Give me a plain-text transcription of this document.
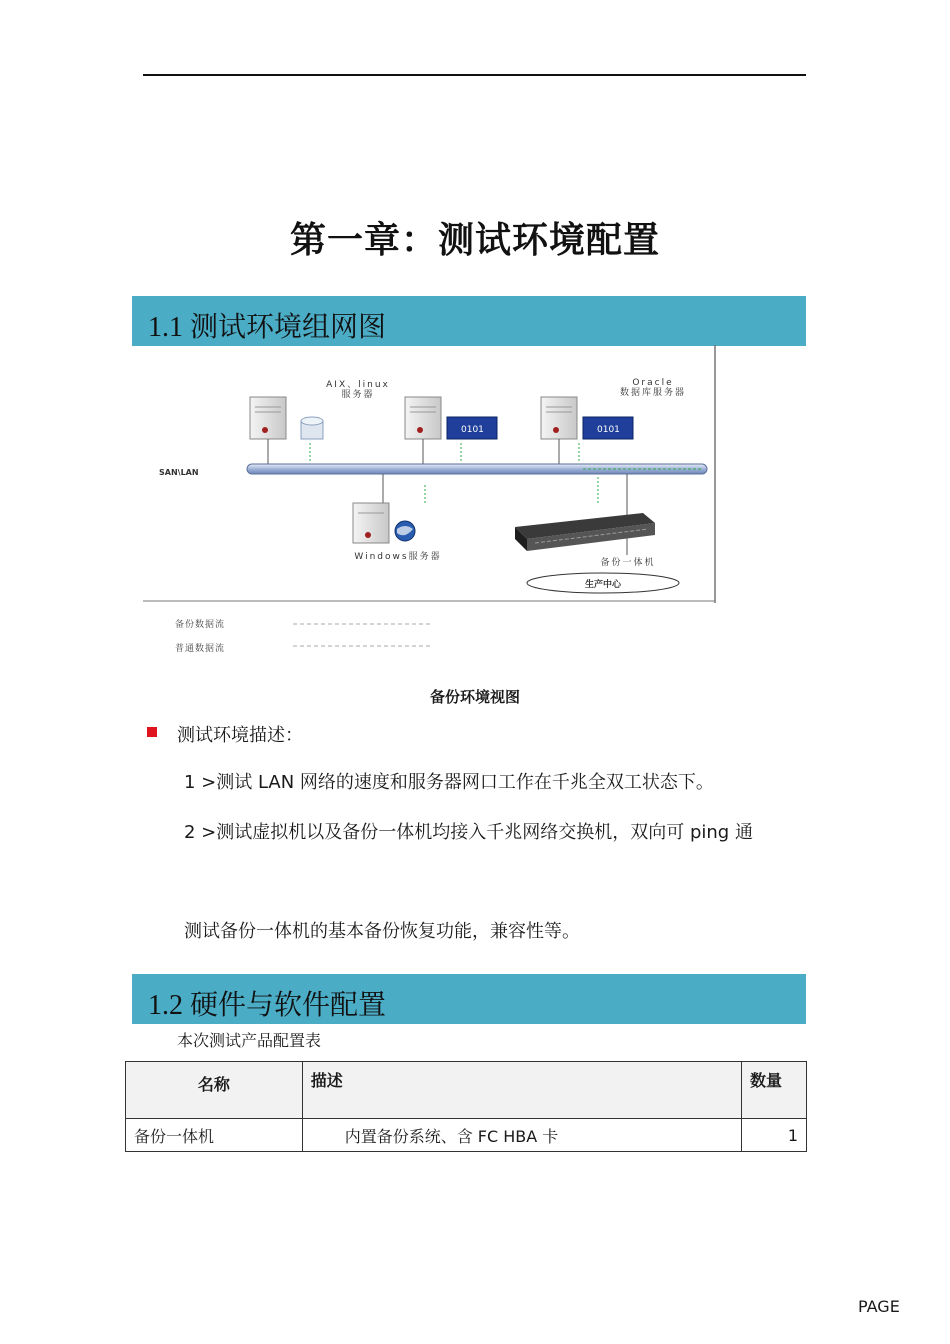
第一章：测试环境配置
1.1 测试环境组网图
AIX、linux
服务器
Oracle
数据库服务器
0101	0101
SAN\LAN
Windows服务器
备份一体机
生产中心
备份数据流
普通数据流
备份环境视图
测试环境描述：
1 >测试 LAN 网络的速度和服务器网口工作在千兆全双工状态下。
2 >测试虚拟机以及备份一体机均接入千兆网络交换机，双向可 ping 通
测试备份一体机的基本备份恢复功能，兼容性等。
1.2 硬件与软件配置
本次测试产品配置表
名称	描述	数量
备份一体机	内置备份系统、含 FC HBA 卡	1
PAGE
